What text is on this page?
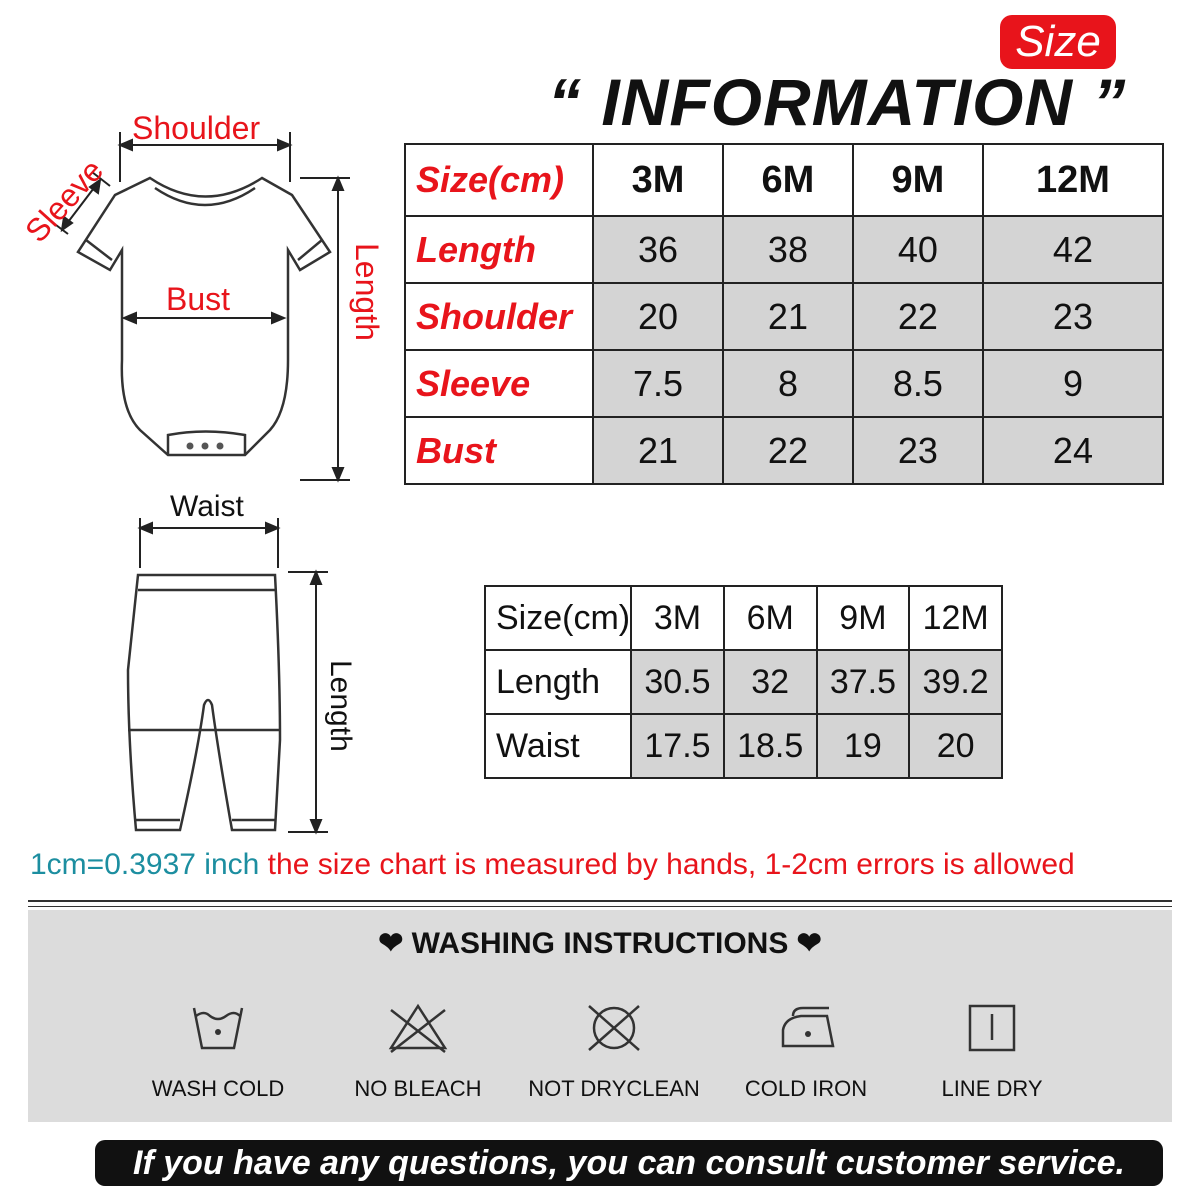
Size
“ INFORMATION ”
Shoulder
Sleeve
Bust	Length
Waist
Length
Size(cm)	3M	6M	9M	12M
Length	36	38	40	42
Shoulder	20	21	22	23
Sleeve	7.5	8	8.5	9
Bust	21	22	23	24
Size(cm)	3M	6M	9M	12M
Length	30.5	32	37.5	39.2
Waist	17.5	18.5	19	20
1cm=0.3937 inch the size chart is measured by hands, 1-2cm errors is allowed
❤ WASHING INSTRUCTIONS ❤
WASH COLD	NO BLEACH	NOT DRYCLEAN	COLD IRON	LINE DRY
If you have any questions, you can consult customer service.
